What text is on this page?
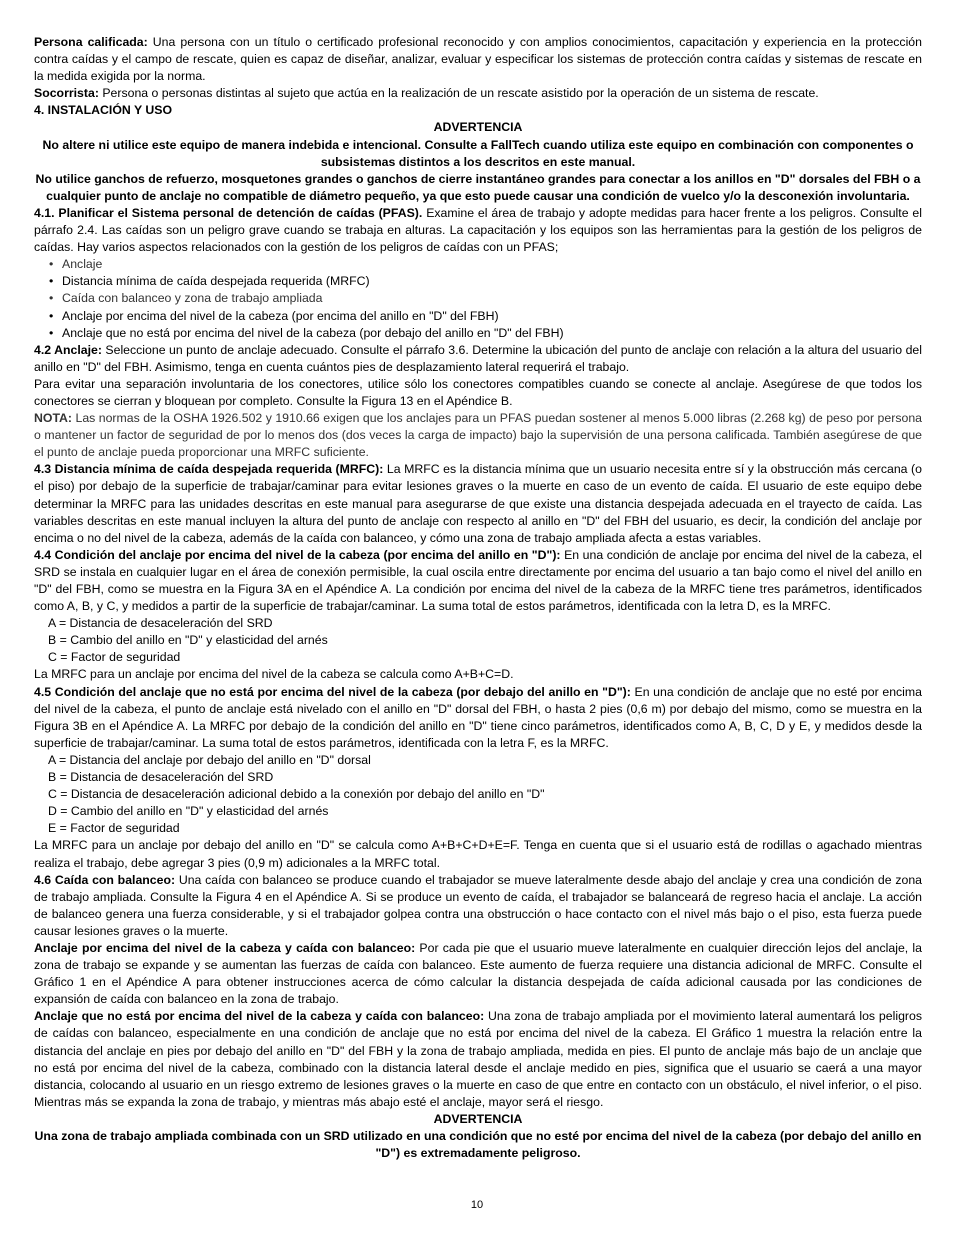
Persona calificada: Una persona con un título o certificado profesional reconocido y con amplios conocimientos, capacitación y experiencia en la protección contra caídas y el campo de rescate, quien es capaz de diseñar, analizar, evaluar y especificar los sistemas de protección contra caídas y sistemas de rescate en la medida exigida por la norma.

Socorrista: Persona o personas distintas al sujeto que actúa en la realización de un rescate asistido por la operación de un sistema de rescate.

4. INSTALACIÓN Y USO

ADVERTENCIA

No altere ni utilice este equipo de manera indebida e intencional. Consulte a FallTech cuando utiliza este equipo en combinación con componentes o subsistemas distintos a los descritos en este manual.

No utilice ganchos de refuerzo, mosquetones grandes o ganchos de cierre instantáneo grandes para conectar a los anillos en "D" dorsales del FBH o a cualquier punto de anclaje no compatible de diámetro pequeño, ya que esto puede causar una condición de vuelco y/o la desconexión involuntaria.

4.1. Planificar el Sistema personal de detención de caídas (PFAS). Examine el área de trabajo y adopte medidas para hacer frente a los peligros. Consulte el párrafo 2.4. Las caídas son un peligro grave cuando se trabaja en alturas. La capacitación y los equipos son las herramientas para la gestión de los peligros de caídas. Hay varios aspectos relacionados con la gestión de los peligros de caídas con un PFAS;

• Anclaje
• Distancia mínima de caída despejada requerida (MRFC)
• Caída con balanceo y zona de trabajo ampliada
• Anclaje por encima del nivel de la cabeza (por encima del anillo en "D" del FBH)
• Anclaje que no está por encima del nivel de la cabeza (por debajo del anillo en "D" del FBH)

4.2 Anclaje: Seleccione un punto de anclaje adecuado. Consulte el párrafo 3.6. Determine la ubicación del punto de anclaje con relación a la altura del usuario del anillo en "D" del FBH. Asimismo, tenga en cuenta cuántos pies de desplazamiento lateral requerirá el trabajo.

Para evitar una separación involuntaria de los conectores, utilice sólo los conectores compatibles cuando se conecte al anclaje. Asegúrese de que todos los conectores se cierran y bloquean por completo. Consulte la Figura 13 en el Apéndice B.

NOTA: Las normas de la OSHA 1926.502 y 1910.66 exigen que los anclajes para un PFAS puedan sostener al menos 5.000 libras (2.268 kg) de peso por persona o mantener un factor de seguridad de por lo menos dos (dos veces la carga de impacto) bajo la supervisión de una persona calificada. También asegúrese de que el punto de anclaje pueda proporcionar una MRFC suficiente.

4.3 Distancia mínima de caída despejada requerida (MRFC): La MRFC es la distancia mínima que un usuario necesita entre sí y la obstrucción más cercana (o el piso) por debajo de la superficie de trabajar/caminar para evitar lesiones graves o la muerte en caso de un evento de caída. El usuario de este equipo debe determinar la MRFC para las unidades descritas en este manual para asegurarse de que existe una distancia despejada adecuada en el trayecto de caída. Las variables descritas en este manual incluyen la altura del punto de anclaje con respecto al anillo en "D" del FBH del usuario, es decir, la condición del anclaje por encima o no del nivel de la cabeza, además de la caída con balanceo, y cómo una zona de trabajo ampliada afecta a estas variables.

4.4 Condición del anclaje por encima del nivel de la cabeza (por encima del anillo en "D"): En una condición de anclaje por encima del nivel de la cabeza, el SRD se instala en cualquier lugar en el área de conexión permisible, la cual oscila entre directamente por encima del usuario a tan bajo como el nivel del anillo en "D" del FBH, como se muestra en la Figura 3A en el Apéndice A. La condición por encima del nivel de la cabeza de la MRFC tiene tres parámetros, identificados como A, B, y C, y medidos a partir de la superficie de trabajar/caminar. La suma total de estos parámetros, identificada con la letra D, es la MRFC.

A = Distancia de desaceleración del SRD

B = Cambio del anillo en "D" y elasticidad del arnés

C = Factor de seguridad

La MRFC para un anclaje por encima del nivel de la cabeza se calcula como A+B+C=D.

4.5 Condición del anclaje que no está por encima del nivel de la cabeza (por debajo del anillo en "D"): En una condición de anclaje que no esté por encima del nivel de la cabeza, el punto de anclaje está nivelado con el anillo en "D" dorsal del FBH, o hasta 2 pies (0,6 m) por debajo del mismo, como se muestra en la Figura 3B en el Apéndice A. La MRFC por debajo de la condición del anillo en "D" tiene cinco parámetros, identificados como A, B, C, D y E, y medidos desde la superficie de trabajar/caminar. La suma total de estos parámetros, identificada con la letra F, es la MRFC.

A = Distancia del anclaje por debajo del anillo en "D" dorsal

B = Distancia de desaceleración del SRD

C = Distancia de desaceleración adicional debido a la conexión por debajo del anillo en "D"

D = Cambio del anillo en "D" y elasticidad del arnés

E = Factor de seguridad

La MRFC para un anclaje por debajo del anillo en "D" se calcula como A+B+C+D+E=F. Tenga en cuenta que si el usuario está de rodillas o agachado mientras realiza el trabajo, debe agregar 3 pies (0,9 m) adicionales a la MRFC total.

4.6 Caída con balanceo: Una caída con balanceo se produce cuando el trabajador se mueve lateralmente desde abajo del anclaje y crea una condición de zona de trabajo ampliada. Consulte la Figura 4 en el Apéndice A. Si se produce un evento de caída, el trabajador se balanceará de regreso hacia el anclaje. La acción de balanceo genera una fuerza considerable, y si el trabajador golpea contra una obstrucción o hace contacto con el nivel más bajo o el piso, esta fuerza puede causar lesiones graves o la muerte.

Anclaje por encima del nivel de la cabeza y caída con balanceo: Por cada pie que el usuario mueve lateralmente en cualquier dirección lejos del anclaje, la zona de trabajo se expande y se aumentan las fuerzas de caída con balanceo. Este aumento de fuerza requiere una distancia adicional de MRFC. Consulte el Gráfico 1 en el Apéndice A para obtener instrucciones acerca de cómo calcular la distancia despejada de caída adicional causada por las condiciones de expansión de caída con balanceo en la zona de trabajo.

Anclaje que no está por encima del nivel de la cabeza y caída con balanceo: Una zona de trabajo ampliada por el movimiento lateral aumentará los peligros de caídas con balanceo, especialmente en una condición de anclaje que no está por encima del nivel de la cabeza. El Gráfico 1 muestra la relación entre la distancia del anclaje en pies por debajo del anillo en "D" del FBH y la zona de trabajo ampliada, medida en pies. El punto de anclaje más bajo de un anclaje que no está por encima del nivel de la cabeza, combinado con la distancia lateral desde el anclaje medido en pies, significa que el usuario se caerá a una mayor distancia, colocando al usuario en un riesgo extremo de lesiones graves o la muerte en caso de que entre en contacto con un obstáculo, el nivel inferior, o el piso. Mientras más se expanda la zona de trabajo, y mientras más abajo esté el anclaje, mayor será el riesgo.

ADVERTENCIA

Una zona de trabajo ampliada combinada con un SRD utilizado en una condición que no esté por encima del nivel de la cabeza (por debajo del anillo en "D") es extremadamente peligroso.

10
